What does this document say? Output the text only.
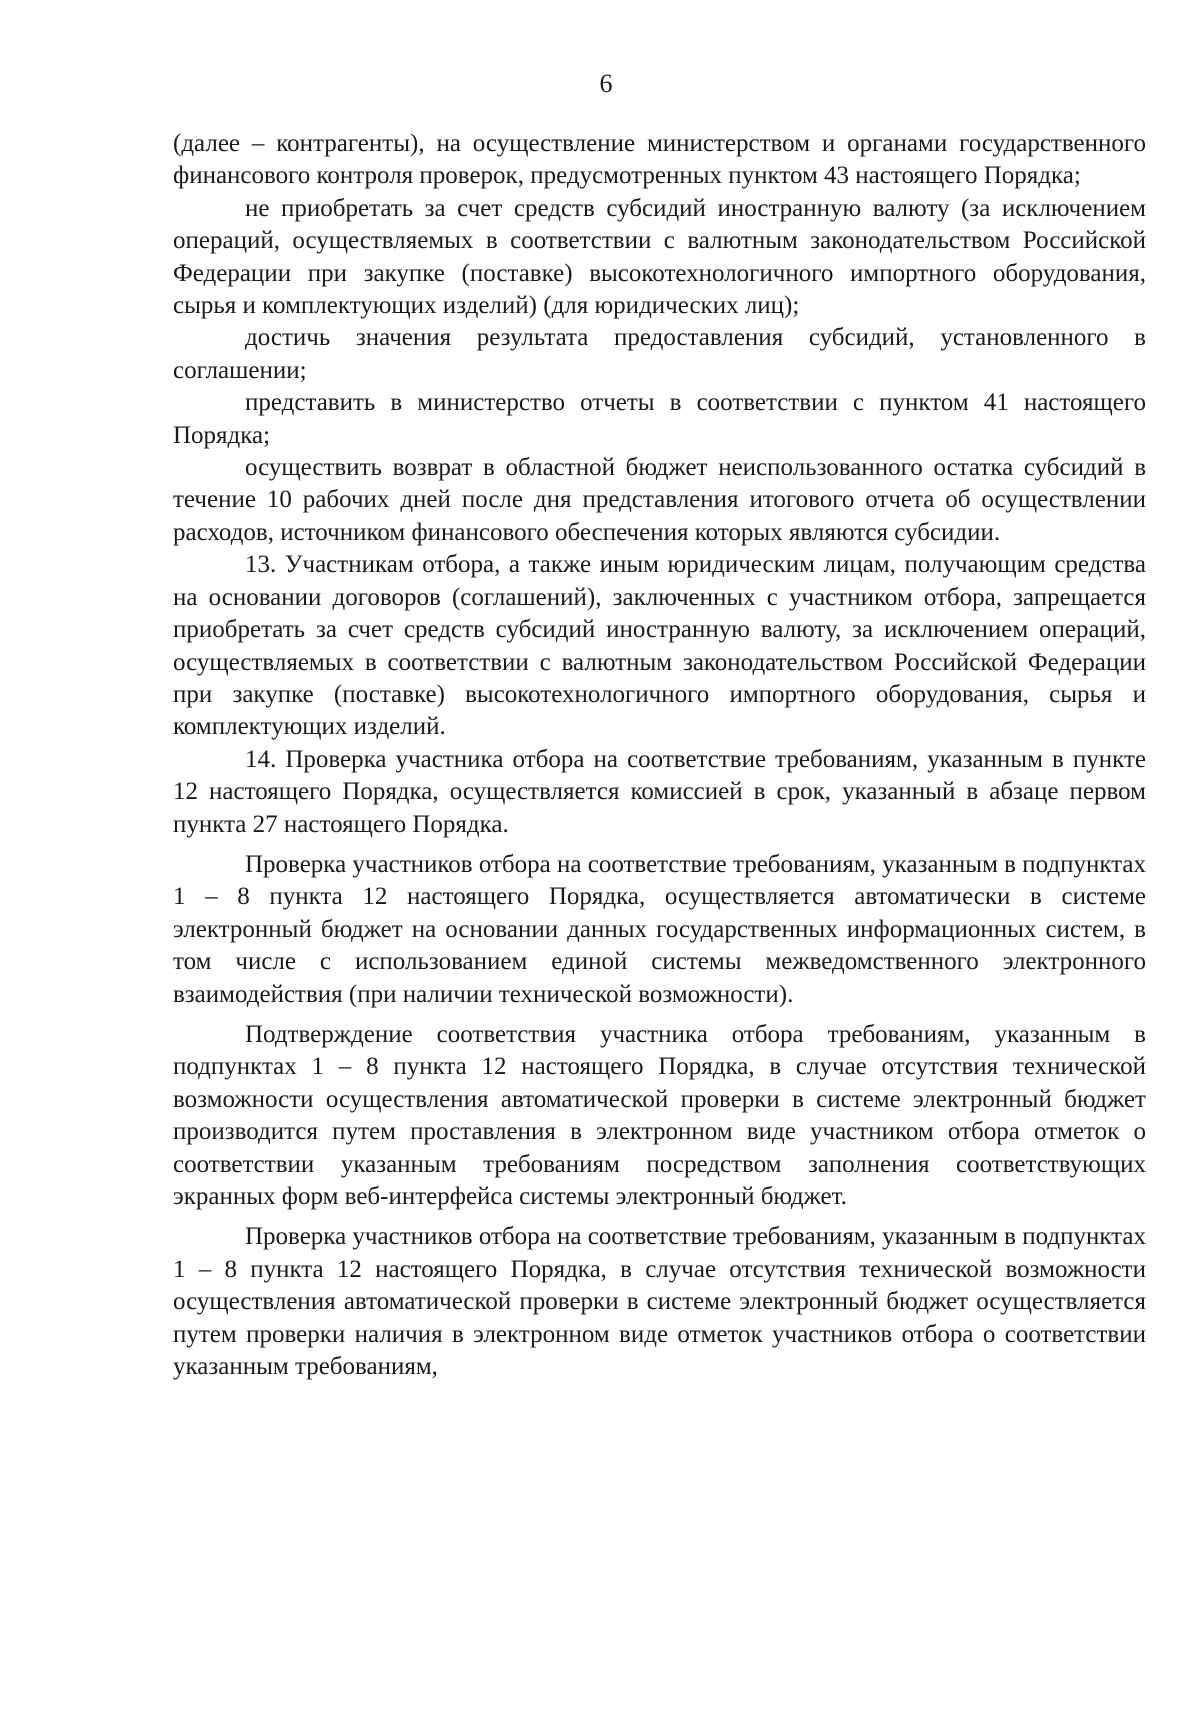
6

(далее – контрагенты), на осуществление министерством и органами государственного финансового контроля проверок, предусмотренных пунктом 43 настоящего Порядка;

не приобретать за счет средств субсидий иностранную валюту (за исключением операций, осуществляемых в соответствии с валютным законодательством Российской Федерации при закупке (поставке) высокотехнологичного импортного оборудования, сырья и комплектующих изделий) (для юридических лиц);

достичь значения результата предоставления субсидий, установленного в соглашении;

представить в министерство отчеты в соответствии с пунктом 41 настоящего Порядка;

осуществить возврат в областной бюджет неиспользованного остатка субсидий в течение 10 рабочих дней после дня представления итогового отчета об осуществлении расходов, источником финансового обеспечения которых являются субсидии.

13. Участникам отбора, а также иным юридическим лицам, получающим средства на основании договоров (соглашений), заключенных с участником отбора, запрещается приобретать за счет средств субсидий иностранную валюту, за исключением операций, осуществляемых в соответствии с валютным законодательством Российской Федерации при закупке (поставке) высокотехнологичного импортного оборудования, сырья и комплектующих изделий.

14. Проверка участника отбора на соответствие требованиям, указанным в пункте 12 настоящего Порядка, осуществляется комиссией в срок, указанный в абзаце первом пункта 27 настоящего Порядка.

Проверка участников отбора на соответствие требованиям, указанным в подпунктах 1 – 8 пункта 12 настоящего Порядка, осуществляется автоматически в системе электронный бюджет на основании данных государственных информационных систем, в том числе с использованием единой системы межведомственного электронного взаимодействия (при наличии технической возможности).

Подтверждение соответствия участника отбора требованиям, указанным в подпунктах 1 – 8 пункта 12 настоящего Порядка, в случае отсутствия технической возможности осуществления автоматической проверки в системе электронный бюджет производится путем проставления в электронном виде участником отбора отметок о соответствии указанным требованиям посредством заполнения соответствующих экранных форм веб-интерфейса системы электронный бюджет.

Проверка участников отбора на соответствие требованиям, указанным в подпунктах 1 – 8 пункта 12 настоящего Порядка, в случае отсутствия технической возможности осуществления автоматической проверки в системе электронный бюджет осуществляется путем проверки наличия в электронном виде отметок участников отбора о соответствии указанным требованиям,
